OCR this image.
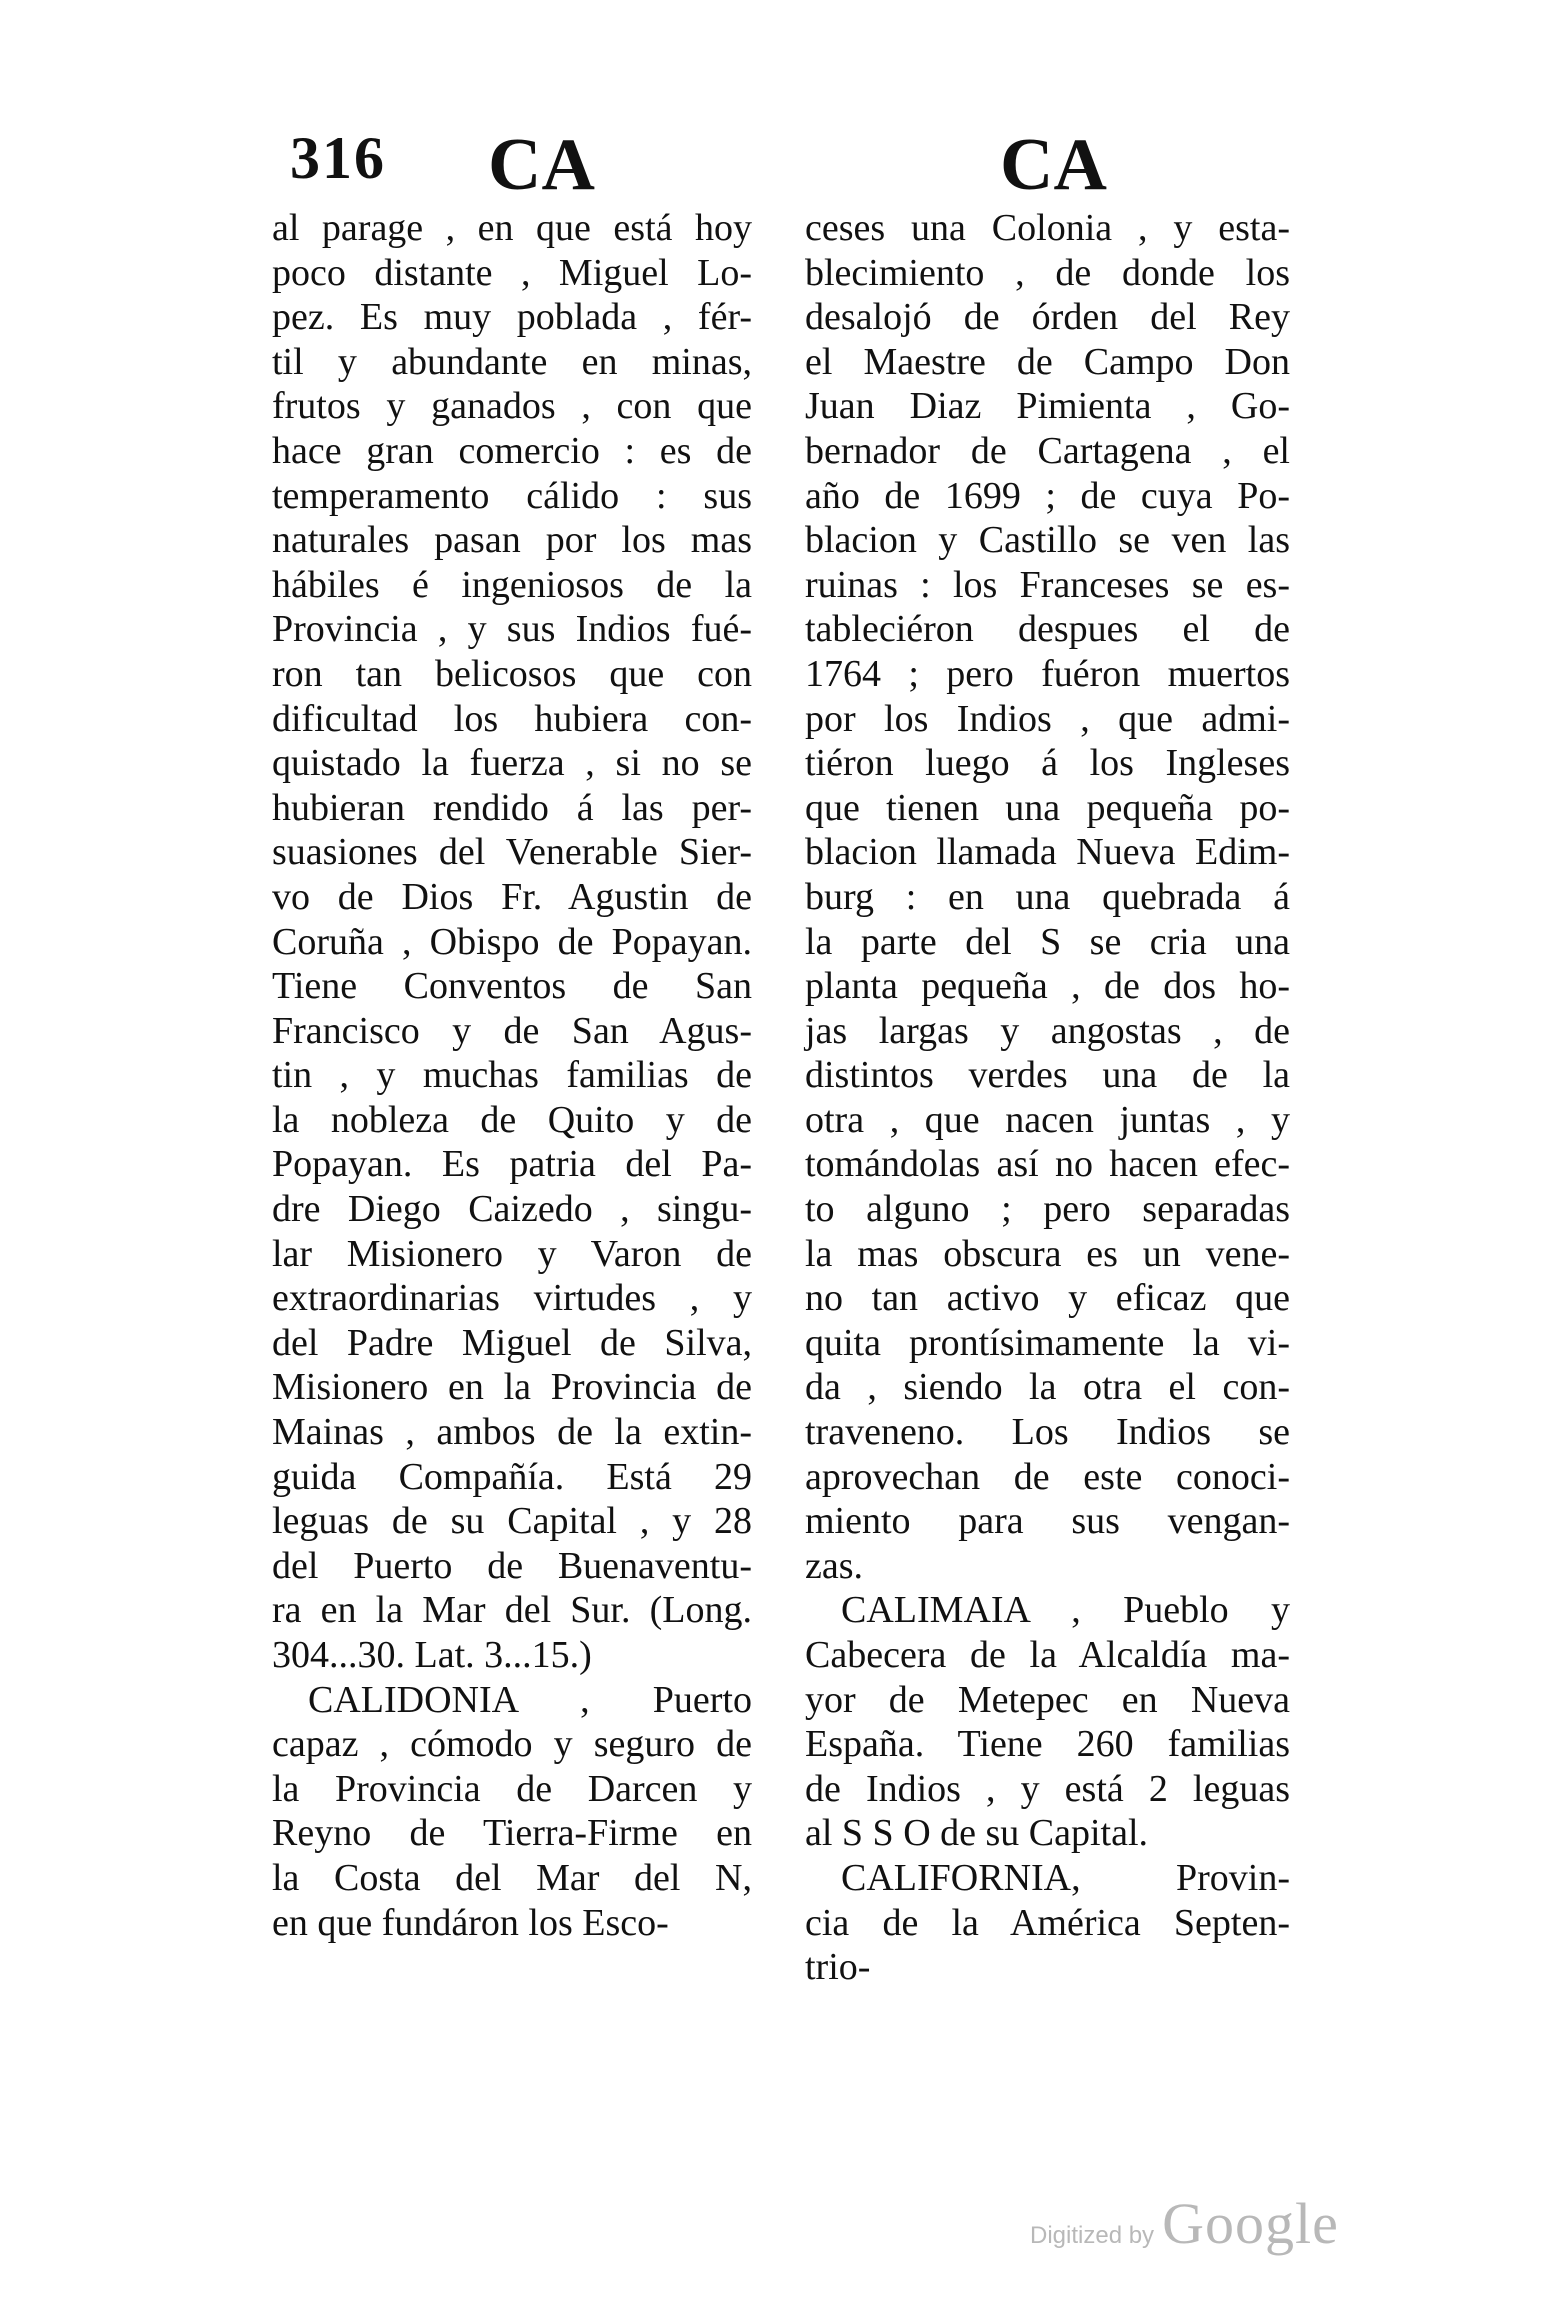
316 CA	CA
al parage , en que está hoy
poco distante , Miguel Lo-
pez. Es muy poblada , fér-
til y abundante en minas,
frutos y ganados , con que
hace gran comercio : es de
temperamento cálido : sus
naturales pasan por los mas
hábiles é ingeniosos de la
Provincia , y sus Indios fué-
ron tan belicosos que con
dificultad los hubiera con-
quistado la fuerza , si no se
hubieran rendido á las per-
suasiones del Venerable Sier-
vo de Dios Fr. Agustin de
Coruña , Obispo de Popayan.
Tiene Conventos de San
Francisco y de San Agus-
tin , y muchas familias de
la nobleza de Quito y de
Popayan. Es patria del Pa-
dre Diego Caizedo , singu-
lar Misionero y Varon de
extraordinarias virtudes , y
del Padre Miguel de Silva,
Misionero en la Provincia de
Mainas , ambos de la extin-
guida Compañía. Está 29
leguas de su Capital , y 28
del Puerto de Buenaventu-
ra en la Mar del Sur. (Long.
304...30. Lat. 3...15.)
CALIDONIA , Puerto
capaz , cómodo y seguro de
la Provincia de Darcen y
Reyno de Tierra-Firme en
la Costa del Mar del N,
en que fundáron los Esco-
ceses una Colonia , y esta-
blecimiento , de donde los
desalojó de órden del Rey
el Maestre de Campo Don
Juan Diaz Pimienta , Go-
bernador de Cartagena , el
año de 1699 ; de cuya Po-
blacion y Castillo se ven las
ruinas : los Franceses se es-
tableciéron despues el de
1764 ; pero fuéron muertos
por los Indios , que admi-
tiéron luego á los Ingleses
que tienen una pequeña po-
blacion llamada Nueva Edim-
burg : en una quebrada á
la parte del S se cria una
planta pequeña , de dos ho-
jas largas y angostas , de
distintos verdes una de la
otra , que nacen juntas , y
tomándolas así no hacen efec-
to alguno ; pero separadas
la mas obscura es un vene-
no tan activo y eficaz que
quita prontísimamente la vi-
da , siendo la otra el con-
traveneno. Los Indios se
aprovechan de este conoci-
miento para sus vengan-
zas.
CALIMAIA , Pueblo y
Cabecera de la Alcaldía ma-
yor de Metepec en Nueva
España. Tiene 260 familias
de Indios , y está 2 leguas
al S S O de su Capital.
CALIFORNIA, Provin-
cia de la América Septen-
trio-
Digitized by Google
